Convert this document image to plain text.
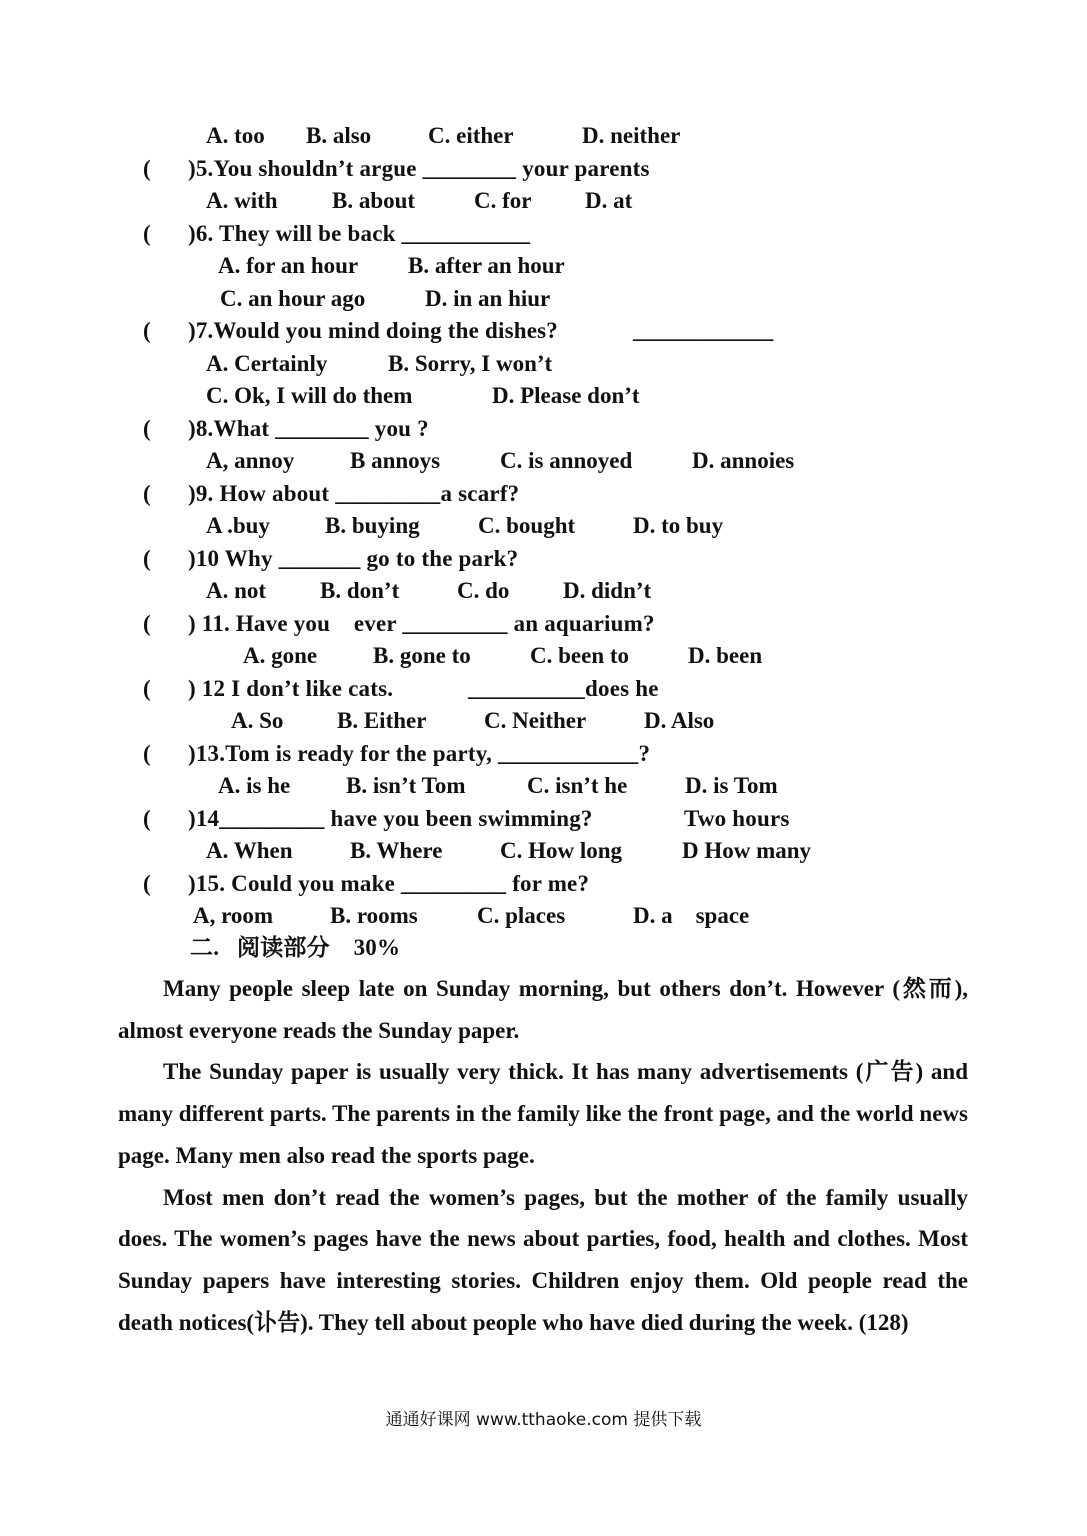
A. too B. also C. either	D. neither
( )5.You shouldn’t argue ________ your parents
A. with B. about	C. for D. at
( )6. They will be back ___________
A. for an hour B. after an hour
C. an hour ago	D. in an hiur
( )7.Would you mind doing the dishes?	____________
A. Certainly	B. Sorry, I won’t
C. Ok, I will do them	D. Please don’t
( )8.What ________ you ?
A, annoy B annoys	C. is annoyed	D. annoies
( )9. How about _________a scarf?
A .buy B. buying	C. bought	D. to buy
( )10 Why _______ go to the park?
A. not B. don’t	C. do D. didn’t
( ) 11. Have you    ever _________ an aquarium?
A. gone B. gone to	C. been to	D. been
( ) 12 I don’t like cats.	__________does he
A. So B. Either	C. Neither	D. Also
( )13.Tom is ready for the party, ____________?
A. is he B. isn’t Tom	C. isn’t he	D. is Tom
( )14_________ have you been swimming?	Two hours
A. When	B. Where	C. How long	D How many
( )15. Could you make _________ for me?
A, room B. rooms	C. places	D. a    space
二.   阅读部分    30%

Many people sleep late on Sunday morning, but others don’t. However (然而), almost everyone reads the Sunday paper.

The Sunday paper is usually very thick. It has many advertisements (广告) and many different parts. The parents in the family like the front page, and the world news page. Many men also read the sports page.

Most men don’t read the women’s pages, but the mother of the family usually does. The women’s pages have the news about parties, food, health and clothes. Most Sunday papers have interesting stories. Children enjoy them. Old people read the death notices(讣告). They tell about people who have died during the week. (128)

通通好课网 www.tthaoke.com 提供下载
